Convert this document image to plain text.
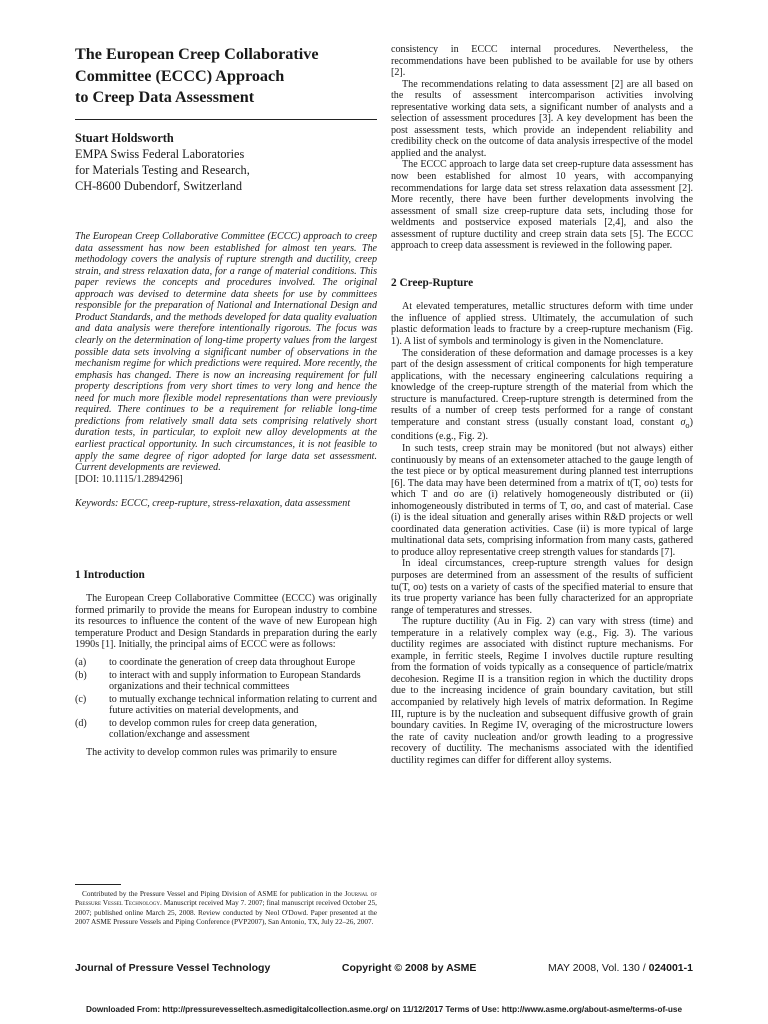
The European Creep Collaborative
Committee (ECCC) Approach
to Creep Data Assessment
Stuart Holdsworth
EMPA Swiss Federal Laboratories
for Materials Testing and Research,
CH-8600 Dubendorf, Switzerland

The European Creep Collaborative Committee (ECCC) approach to creep data assessment has now been established for almost ten years. The methodology covers the analysis of rupture strength and ductility, creep strain, and stress relaxation data, for a range of material conditions. This paper reviews the concepts and procedures involved. The original approach was devised to determine data sheets for use by committees responsible for the preparation of National and International Design and Product Standards, and the methods developed for data quality evaluation and data analysis were therefore intentionally rigorous. The focus was clearly on the determination of long-time property values from the largest possible data sets involving a significant number of observations in the mechanism regime for which predictions were required. More recently, the emphasis has changed. There is now an increasing requirement for full property descriptions from very short times to very long and hence the need for much more flexible model representations than were previously required. There continues to be a requirement for reliable long-time predictions from relatively small data sets comprising relatively short duration tests, in particular, to exploit new alloy developments at the earliest practical opportunity. In such circumstances, it is not feasible to apply the same degree of rigor adopted for large data set assessment. Current developments are reviewed.

[DOI: 10.1115/1.2894296]
Keywords: ECCC, creep-rupture, stress-relaxation, data assessment
1 Introduction

The European Creep Collaborative Committee (ECCC) was originally formed primarily to provide the means for European industry to combine its resources to influence the content of the wave of new European high temperature Product and Design Standards in preparation during the early 1990s [1]. Initially, the principal aims of ECCC were as follows:

(a)	to coordinate the generation of creep data throughout Europe
(b)	to interact with and supply information to European Standards organizations and their technical committees
(c)	to mutually exchange technical information relating to current and future activities on material developments, and
(d)	to develop common rules for creep data generation, collation/exchange and assessment

The activity to develop common rules was primarily to ensure

Contributed by the Pressure Vessel and Piping Division of ASME for publication in the Journal of Pressure Vessel Technology. Manuscript received May 7. 2007; final manuscript received October 25, 2007; published online March 25, 2008. Review conducted by Neol O'Dowd. Paper presented at the 2007 ASME Pressure Vessels and Piping Conference (PVP2007), San Antonio, TX, July 22–26, 2007.

consistency in ECCC internal procedures. Nevertheless, the recommendations have been published to be available for use by others [2].

The recommendations relating to data assessment [2] are all based on the results of assessment intercomparison activities involving representative working data sets, a significant number of analysts and a selection of assessment procedures [3]. A key development has been the post assessment tests, which provide an independent reliability and credibility check on the outcome of data analysis irrespective of the model applied and the analyst.

The ECCC approach to large data set creep-rupture data assessment has now been established for almost 10 years, with accompanying recommendations for large data set stress relaxation data assessment [2]. More recently, there have been further developments involving the assessment of small size creep-rupture data sets, including those for weldments and postservice exposed materials [2,4], and also the assessment of rupture ductility and creep strain data sets [5]. The ECCC approach to creep data assessment is reviewed in the following paper.

2 Creep-Rupture

At elevated temperatures, metallic structures deform with time under the influence of applied stress. Ultimately, the accumulation of such plastic deformation leads to fracture by a creep-rupture mechanism (Fig. 1). A list of symbols and terminology is given in the Nomenclature.

The consideration of these deformation and damage processes is a key part of the design assessment of critical components for high temperature applications, with the necessary engineering calculations requiring a knowledge of the creep-rupture strength of the material from which the structure is manufactured. Creep-rupture strength is determined from the results of a number of creep tests performed for a range of constant temperature and constant stress (usually constant load, constant $\sigma_o$) conditions (e.g., Fig. 2).

In such tests, creep strain may be monitored (but not always) either continuously by means of an extensometer attached to the gauge length of the test piece or by optical measurement during planned test interruptions [6]. The data may have been determined from a matrix of t(T, σo) tests for which T and σo are (i) relatively homogeneously distributed or (ii) inhomogeneously distributed in terms of T, σo, and cast of material. Case (i) is the ideal situation and generally arises within R&D projects or well coordinated data generation activities. Case (ii) is more typical of large multinational data sets, comprising information from many casts, gathered to produce alloy representative creep strength values for standards [7].

In ideal circumstances, creep-rupture strength values for design purposes are determined from an assessment of the results of sufficient tu(T, σo) tests on a variety of casts of the specified material to ensure that its true property variance has been fully characterized for an appropriate range of temperatures and stresses.

The rupture ductility (Au in Fig. 2) can vary with stress (time) and temperature in a relatively complex way (e.g., Fig. 3). The various ductility regimes are associated with distinct rupture mechanisms. For example, in ferritic steels, Regime I involves ductile rupture resulting from the formation of voids typically as a consequence of particle/matrix decohesion. Regime II is a transition region in which the ductility drops due to the increasing incidence of grain boundary cavitation, but still accompanied by relatively high levels of matrix deformation. In Regime III, rupture is by the nucleation and subsequent diffusive growth of grain boundary cavities. In Regime IV, overaging of the microstructure lowers the rate of cavity nucleation and/or growth leading to a progressive recovery of ductility. The mechanisms associated with the identified ductility regimes can differ for different alloy systems.

Journal of Pressure Vessel Technology	Copyright © 2008 by ASME	MAY 2008, Vol. 130 / 024001-1
Downloaded From: http://pressurevesseltech.asmedigitalcollection.asme.org/ on 11/12/2017 Terms of Use: http://www.asme.org/about-asme/terms-of-use
